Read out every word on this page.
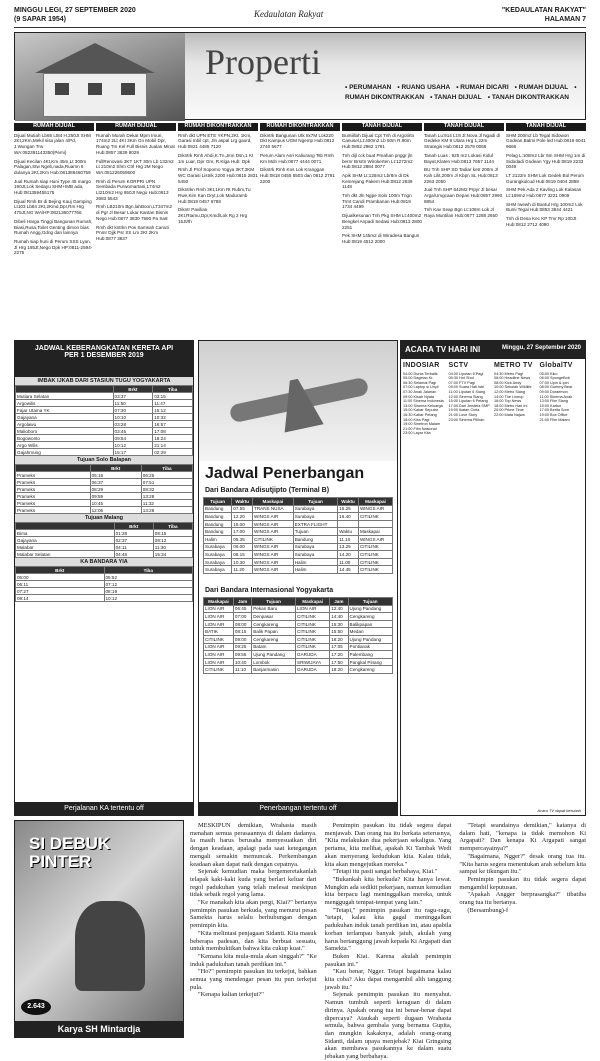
MINGGU LEGI, 27 SEPTEMBER 2020
(9 SAPAR 1954)
Kedaulatan Rakyat	"KEDAULATAN RAKYAT"
HALAMAN 7
Properti
• PERUMAHAN • RUANG USAHA • RUMAH DICARI • RUMAH DIJUAL• RUMAH DIKONTRAKKAN • TANAH DIJUAL • TANAH DIKONTRAKKAN
RUMAH DIJUAL

Dijual Mutiah Lb65 Lt84 H.250Jt SHM 2Kt,2Km,Mekil sisa jalan 4/Pd, J.Wungan Trw WA:082391143350(Pemi)

Dijual Kecilan 4Kt,Km 45m,Lt 300m Palagan,Stw Ngeb,nada,Ruamn 6 dulanya 2Kt,2Km Hub:081386460759

Jual Rumah siap Huni Type 45 margo 190Jt,Lok Sedayu SHM+IMB ada, Hub:081359455175

Dijual Rmh Br di Bejing Kauj Gamping Lt103 Lb84 2Kt,2Kmd,Dpr,Rm Hrg 475Jt,NG WA/HP:082136077766

Dibeli Harga Tinggi Bangunan Rumah, Biasi,Rusa,Toilet Genting dimon bias Rumah Angg,Gdng dan lainnya

Rumah siap huni di Perum SSS Lyan, Jl Hrg 165Jt,Nego Dpk HP:0811-2594-2275

RUMAH DIJUAL

Rumah Murah Dekat Mpm Imuri, 174m2 2Lt 4Kt 3Km Gn Mobil Dpr, Ruang Tm Kel Full Bisnis Jualan Minat Hub:0857 3639 8029

FullRenovasi 3KT 1KT 30m Lb 132m2 Lt 210m2 Shm Ctrl Hrg 2M Nego WA:081226059500

Rmh di Perum KORPRI UPN Sembada Purwomartani,174m2 Lt210m2 Hrg 950Jt Nego Hub:0813 2683 5543

Rmh LB210m Bgn,lahBoon,LT347m2 di Pgr Jl Besar Lokar Kantan Bisnis Nego Hub:0877 3830 7590 Pa Sa8

Rmh dkt kntrkn Pos Samsah Canuti Pnmr Djjk Psr SS Lm 2Kt 2Km Hub:0877 3837

RUMAH DIKONTRAKKAN

Rmh dkt UPN ETE YKPN,2Kt, 1Km, Garasi mbil cpt, Jln aspal Lrg gaurd, Hub:0821 4485 7120

Dikntrk Rmh Ahdi,K.Tn,Jmn Dsn,1 Kt 1m Luar, Dpr Gm, R.Klga Hub: Dpk

Rmh Jl Prof Sopomo Yogya 3KT,3KM WC Garasi Listrik 2200 Hub:0815 2831 5450

Dikntrkn Rmh 3Kt,1Km Rt Rubm,Tu Rwe,Kim Kan Dryt,Lok Maduramb Hub:0819 0457 6788

Dikntr Pavilian 2Kt,Rtamu,Dpr,Kmd/Lok Rg 2 Hrg 15Jt/th

RUMAH DIKONTRAKKAN

Dikntrk Bangunan Utk 8x7M Lok220 Dkt Kampus UGM Ngemp Hub:0812 2740 5677

Perum Alam Asri Kaliurang Tsb Rmh Km Mdn Hub:0877 4444 0071

Dikntrk Rmh Kos Lok Kranggan Hub:0818 0455 5503 dan 0812 2791 2200

TANAH DIJUAL

Bumiillah Dijual Cpt Tnh di Argotirto Canusel,Lt:400m2 Lb 50m R.90m Hub:0852 2962 1781

Tnh dijl cck buat Pmahan pnggr jln bernr Brsrtn Wirokerten Lt:1272m2 Hub:0812 2884 0077

Apik SHM Lt:125m2 Lbr8m di Dk Kemrejang Pakem Hub:0812 2839 1148

Tnh dkt Jln Ngpe Solo 100m Tngn Trmt Candi Prambanan Hub:0819 1734 4499

Dijualkesunan Tnh Pkg SHM Lt:400m2 Bengkel Anpadi Sedasi Hub:0813 2800 2251

Pek SHM 145m2 di Wiradesa Bangun Hub:0819 4512 2000

TANAH DIJUAL

Tanah Lu:914 Lt:8 Jl:Nova Jl Ngadi di Gedeke KM 9 Utara Hrg 1,22m Strategis Hub:0812 2579 0066

Tanah Luas : 925 m2 Lokasi Kidul Bayat,Klaten Hub:0813 7657 1144

BU Tnh SHP SD Tadiar ketr 200m Jl Kah Lilit,200m Jl Kbpn SL Hub:0813 2263 2050

Jual Tnh SHP 642M2 Prpyr Jl besar Arga/Umgcaan Depan Hub:0857 2990 8854

Tnh Kav Seap Bgn Lt:108m Lok Jl Raya Muntilan Hub:0877 1288 2650

TANAH DIJUAL

SHM 200m2 Lb Tegal Sidowon Godean,Balmi Pole led Hub:0819 6041 9666

Pelag L:108m2 Lbr 6m SHM Hrg 1m di Sidodadi Godean Ygy Hub:0819 2233 0049

LT 2122m SHM Lok Gedek Bol Perum Gurangkulcud Hub:0819 0404 2888

SHM Pek Ada 2 Kavling Lok Kalasan Lt:169m2 Hub:0877 3221 0909

SHM rwewh di Bantul Hrg 100m2 Lok Bumi Tegal Hub:0853 3844 4421

Tnh di Desa Kec KP Tmr Rp 100Jt Hub:0812 2712 4090

JADWAL KEBERANGKATAN KERETA API
PER 1 DESEMBER 2019
IMBAK IJKAB DARI STASIUN TUGU YOGYAKARTA
	Brkt	Tiba
Mutiara Selatan	03:37	03:15
Argowilis	11:50	11:47
Fajar Utama YK	07:30	15:12
Gajayana	10:10	10:32
Argolawu	03:28	16:57
Malioboro	03:45	17:08
Bogowonto	09:54	18:24
Argo Wilis	10:12	21:14
Gajahmung	15:17	02:29
Tujuan Solo Balapan
	Brkt	Tiba
Prameks	05:15	06:25
Prameks	06:37	07:51
Prameks	08:29	08:32
Prameks	09:59	13:28
Prameks	10:45	11:32
Prameks	12:05	13:28
Tujuan Malang
	Brkt	Tiba
Bima	01:28	08:15
Gajayana	02:37	08:12
Malabar	04:11	11:30
Malabar Selatan	04:45	15:34
KA BANDARA YIA
Brkt	Tiba
05:00	05:52
06:11	07:12
07:27	08:19
09:14	10:12
Perjalanan KA tertentu off
Jadwal Penerbangan
Dari Bandara Adisutjipto (Terminal B)
Tujuan	Waktu	Maskapai	Tujuan	Waktu	Maskapai
Bandung	07.55	TRANS NUSA	Surabaya	15.25	WINGS AIR
Bandung	12.20	WINGS AIR	Surabaya	16.40	CITILINK
Bandung	15.00	WINGS AIR	EXTRA FLIGHT		
Bandung	17.00	WINGS AIR	Tujuan	Waktu	Maskapai
Halim	05.35	CITILINK	Bandung	11.10	WINGS AIR
Surabaya	06.00	WINGS AIR	Surabaya	13.25	CITILINK
Surabaya	08.15	WINGS AIR	Surabaya	14.20	CITILINK
Surabaya	10.30	WINGS AIR	Halim	11.00	CITILINK
Surabaya	11.20	WINGS AIR	Halim	14.45	CITILINK
Dari Bandara Internasional Yogyakarta
Maskapai	Jam	Tujuan	Maskapai	Jam	Tujuan
LION AIR	06:45	Pekan Baru	LION AIR	12:40	Ujung Pandang
LION AIR	07:00	Denpasar	CITILINK	14:40	Cengkareng
LION AIR	08:00	Cengkareng	CITILINK	15:30	Balikpapan
BATIK	08:15	Balik Papan	CITILINK	15:50	Medan
CITILINK	09:00	Cengkareng	CITILINK	16:20	Ujung Pandang
LION AIR	09:25	Batam	CITILINK	17:05	Pontianak
LION AIR	09:55	Ujung Pandang	GARUDA	17:20	Palembang
LION AIR	10:40	Lombok	SRIWIJAYA	17:50	Pangkal Pinang
CITILINK	11:10	Banjarmasin	GARUDA	18:20	Cengkareng
Penerbangan tertentu off
ACARA TV HARI INI	Minggu, 27 September 2020
INDOSIAR
04:00 Dunia Terbalik
05:00 Dagelan Kr.
06:30 Selamat Pagi
07:00 Laptop si Unyil
07:30 Anak Jalanan
09:00 Kisah Nyata
11:00 Sinema Indonesia
13:00 Sinema Keluarga
15:00 Kabar Seputar
16:30 Kabar Petang
18:00 Kiss Pagi
19:00 Sinetron Malam
21:00 Film Nasional
23:00 Layar Kita
SCTV
04:00 Liputan 6 Pagi
05:30 Hot Shot
07:00 FTV Pagi
09:00 Suara Hati Istri
11:00 Liputan 6 Siang
12:00 Sinema Siang
15:00 Liputan 6 Petang
17:00 Dari Jendela SMP
19:00 Ikatan Cinta
21:00 Love Story
23:00 Sinema Pilihan
METRO TV
04:30 Metro Pagi
06:00 Headline News
08:00 Kick Andy
10:00 Sekolah Wildlife
12:00 Metro Siang
14:00 The Lineup
16:00 Top News
18:00 Metro Hari Ini
20:00 Prime Time
22:00 Mata Najwa
GlobalTV
05:00 Kiko
06:00 SpongeBob
07:00 Upin & Ipin
08:00 Gummy Bear
09:00 Doraemon
11:00 Sinema Anak
13:00 Film Siang
15:00 Kartun
17:00 Berita Sore
19:00 Box Office
21:00 Film Malam
Acara TV dapat berubah
SI DEBUK PINTER
2.643
Karya SH Mintardja

MESKIPUN demikian, Wrahasta masih menahan semua perasaannya di dalam dadanya. Ia masih harus berusaha menyesuaikan diri dengan keadaan, apalagi pada saat ketegangan mengali semakin memuncak. Perkembangan keadaan akan dapat naik dengan cepatnya.

Sejenak kemudian maka bergemeretakanlah telapak kaki-kaki kuda yang berlari keluar dari regol padukuhan yang telah melesai meskipun tidak sebaik regol yang lama.

"Ke manakah kita akan pergi, Kiai?" bertanya pemimpin pasukan berkuda, yang menurut pesan Samekta harus selalu berhubungan dengan pemimpin kita.

"Kita melintasi penjagaan Sidanti. Kita masuk beberapa padesan, dan kita berbuat sesuatu, untuk membuktikan bahwa kita cukup kuat."

"Kemana kita mula-mula akan singgah?" "Ke induk padukuhan tanah perdikan ini."

"Ho?" pemimpin pasukan itu terkejut, bahkan semua yang mendengar pesan itu pun terkejut pula.

"Kenapa kalian terkejut?"

Pemimpin pasukan itu tidak segera dapat menjawab. Dan orang tua itu berkata seterusnya, "Kita melakukan dua pekerjaan sekaligus. Yang pertama, kita melihat, apakah Ki Tambak Wedi akan menyerang kedudukan kita. Kalau tidak, kita akan mengejutkan mereka."

"Tetapi itu pasti sangat berbahaya, Kiai."

"Bukankah kita berkuda? Kita hanya lewat. Mungkin ada sedikit pekerjaan, namun kemudian kita berpacu lagi meninggalkan mereka, untuk menggugah tempat-tempat yang lain."

"Tetapi," pemimpin pasukan itu ragu-ragu, "tetapi, kalau kita gagal meninggalkan padukuhan induk tanah perdikan ini, atau apabila korban terlampau banyak jatuh, akulah yang harus bertanggung jawab kepada Ki Argapati dan Samekta."

Buken Kiai. Karena akulah pemimpin pasukan ini."

"Kau benar, Ngger. Tetapi bagaimana kalau kita coba? Aku dapat mengambil alih tanggung jawab itu."

Sejenak pemimpin pasukan itu menyahut. Namun tumbuh seperti keraguan di dalam dirinya. Apakah orang tua ini benar-benar dapat dipercaya? Ataukah seperti dugaan Wrahasta semula, bahwa gembala yang bernama Gupita, dan mungkin kakaknya, adalah orang-orang Sidanti, dalam upaya menjebak? Kiai Gringsing akan membawa pasukannya ke dalam suatu jebakan yang berbahaya.

"Tetapi seandainya demikian," katanya di dalam hati, "kenapa ia tidak memohon Ki Argapati? Dan kenapa Ki Argapati sangat mempercayainya?"

"Bagaimana, Ngger?" desak orang tua itu. "Kita harus segera menentukan arah sebelum kita sampai ke tikungan itu."

Pemimpin pasukan itu tidak segera dapat mengambil keputusan.

"Apakah Angger berprasangka?" tibatiba orang tua itu bertanya.

(Bersambung)-f
